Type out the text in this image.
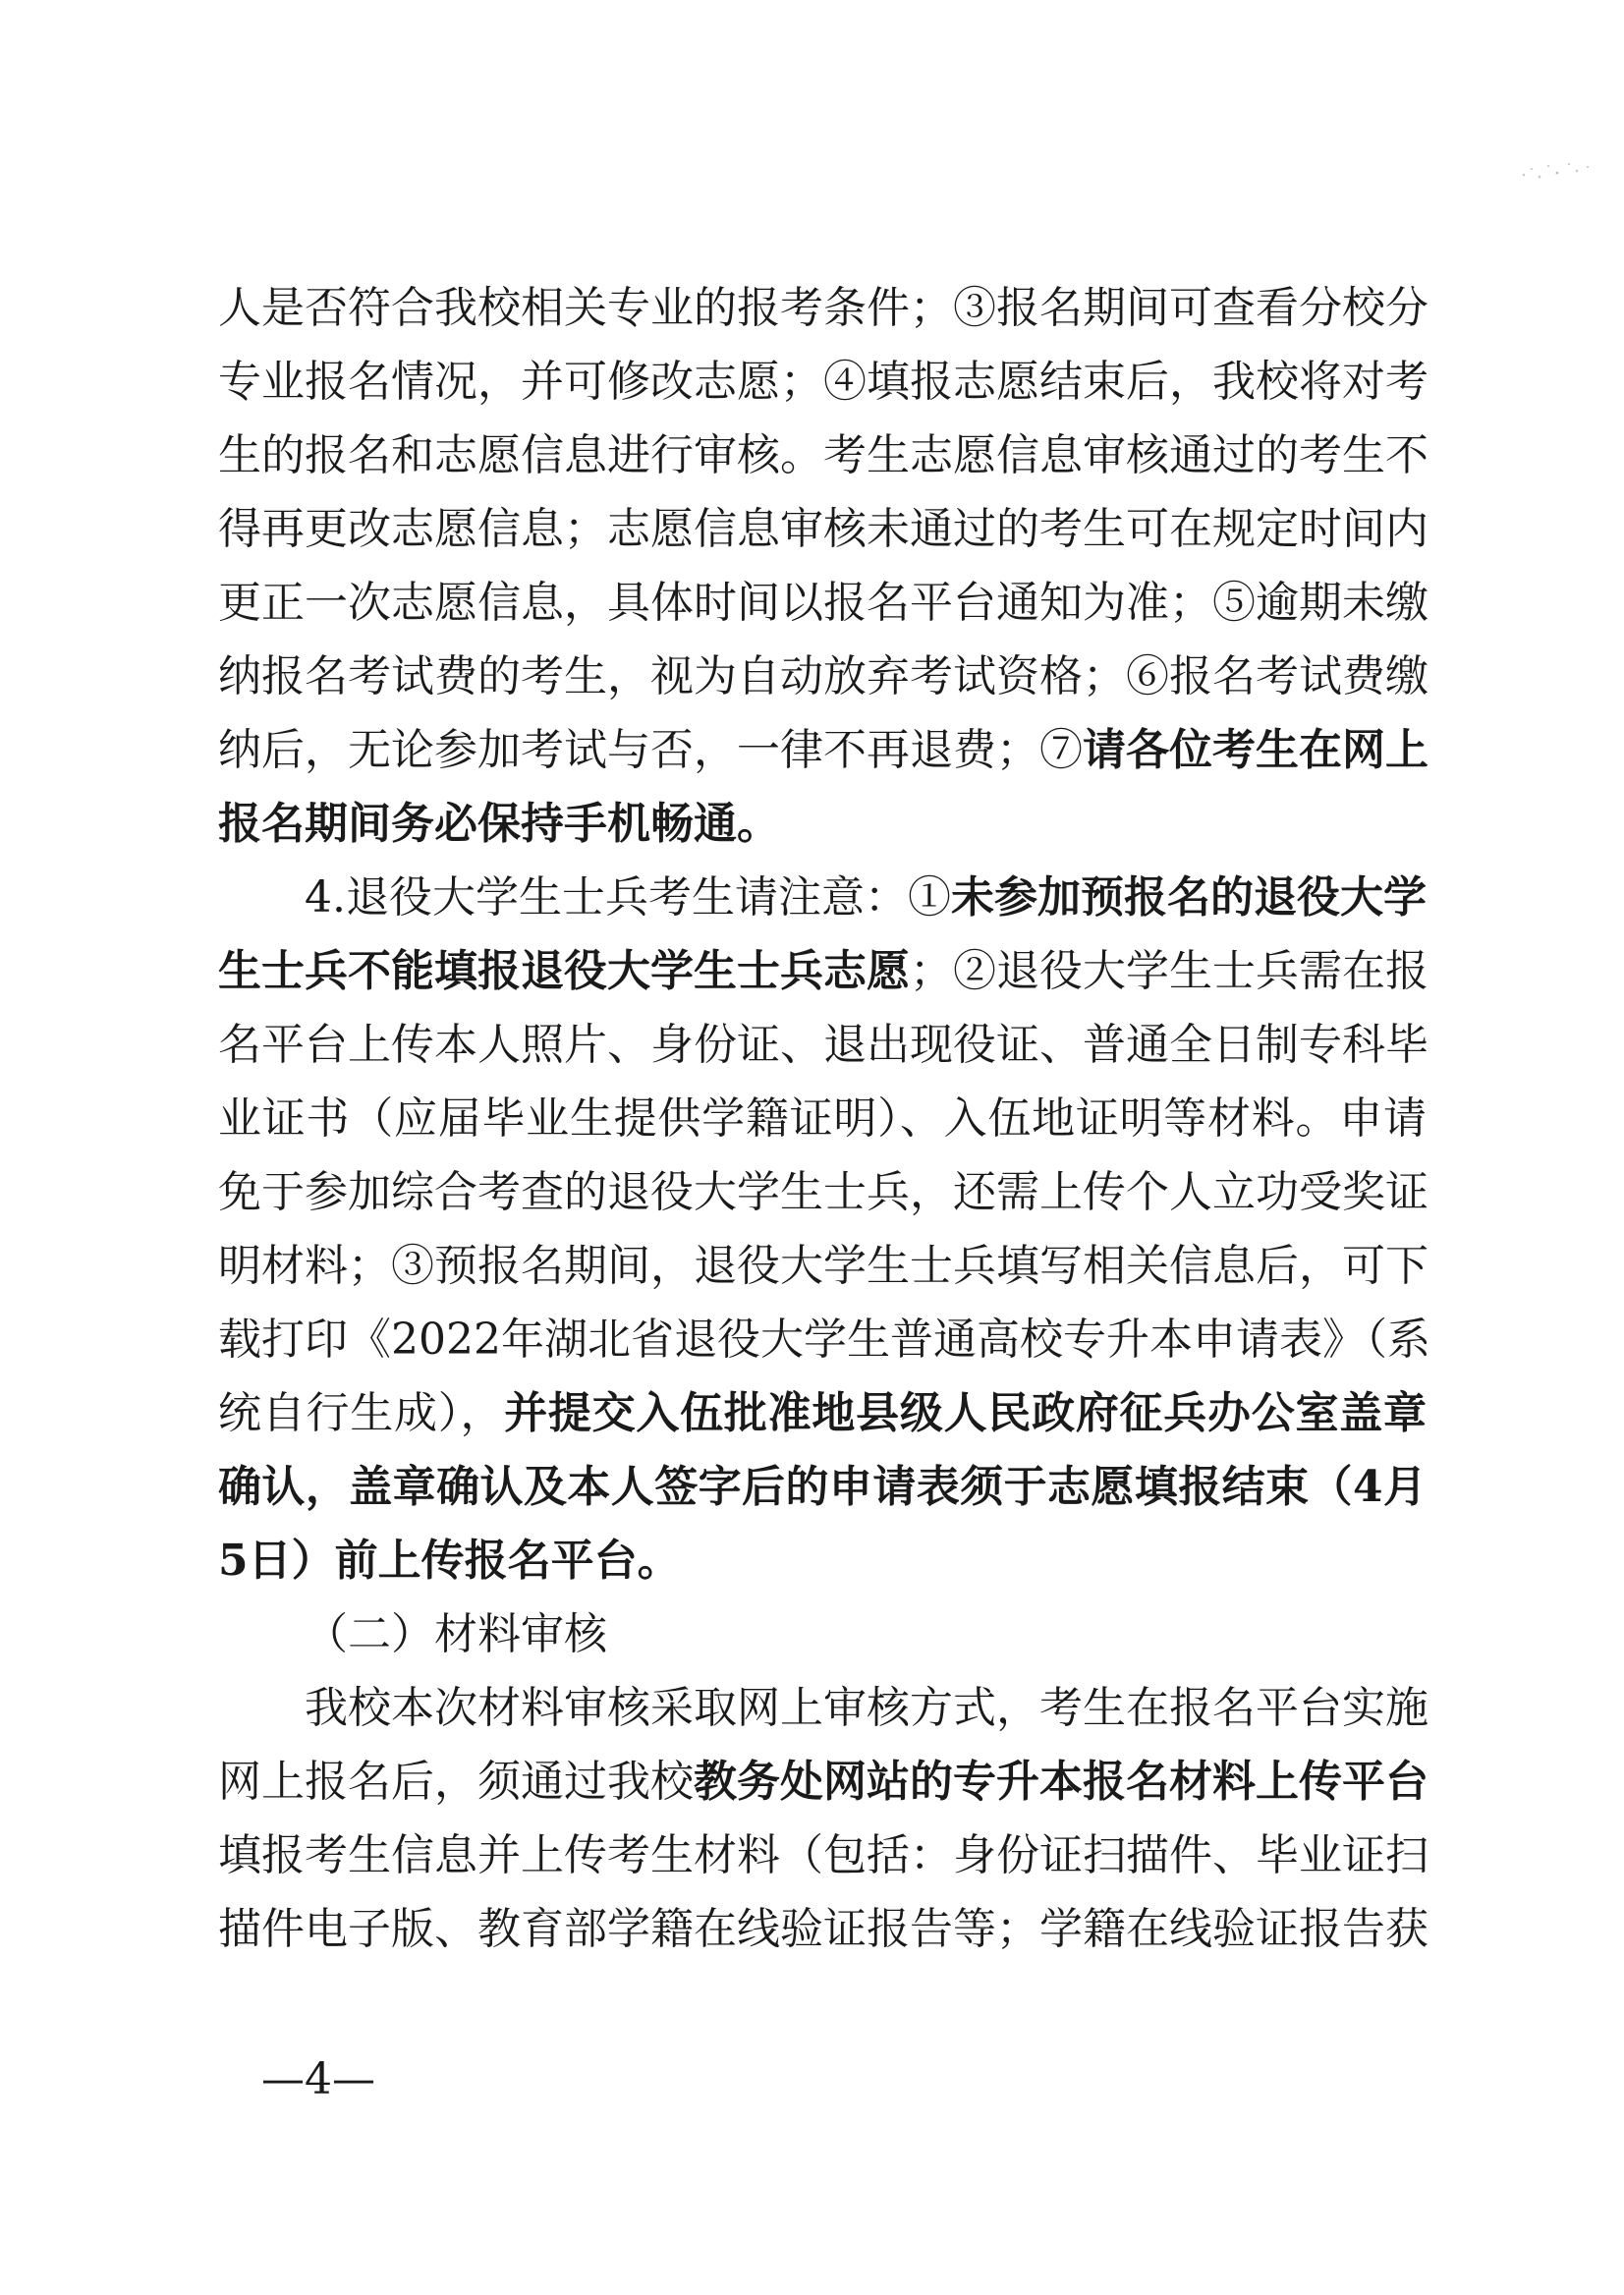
人是否符合我校相关专业的报考条件；③报名期间可查看分校分
专业报名情况，并可修改志愿；④填报志愿结束后，我校将对考
生的报名和志愿信息进行审核。考生志愿信息审核通过的考生不
得再更改志愿信息；志愿信息审核未通过的考生可在规定时间内
更正一次志愿信息，具体时间以报名平台通知为准；⑤逾期未缴
纳报名考试费的考生，视为自动放弃考试资格；⑥报名考试费缴
纳后，无论参加考试与否，一律不再退费；⑦请各位考生在网上
报名期间务必保持手机畅通。
4.退役大学生士兵考生请注意：①未参加预报名的退役大学
生士兵不能填报退役大学生士兵志愿；②退役大学生士兵需在报
名平台上传本人照片、身份证、退出现役证、普通全日制专科毕
业证书（应届毕业生提供学籍证明）、入伍地证明等材料。申请
免于参加综合考查的退役大学生士兵，还需上传个人立功受奖证
明材料；③预报名期间，退役大学生士兵填写相关信息后，可下
载打印《2022年湖北省退役大学生普通高校专升本申请表》（系
统自行生成），并提交入伍批准地县级人民政府征兵办公室盖章
确认，盖章确认及本人签字后的申请表须于志愿填报结束（4月
5日）前上传报名平台。
（二）材料审核
我校本次材料审核采取网上审核方式，考生在报名平台实施
网上报名后，须通过我校教务处网站的专升本报名材料上传平台
填报考生信息并上传考生材料（包括：身份证扫描件、毕业证扫
描件电子版、教育部学籍在线验证报告等；学籍在线验证报告获
—4—
